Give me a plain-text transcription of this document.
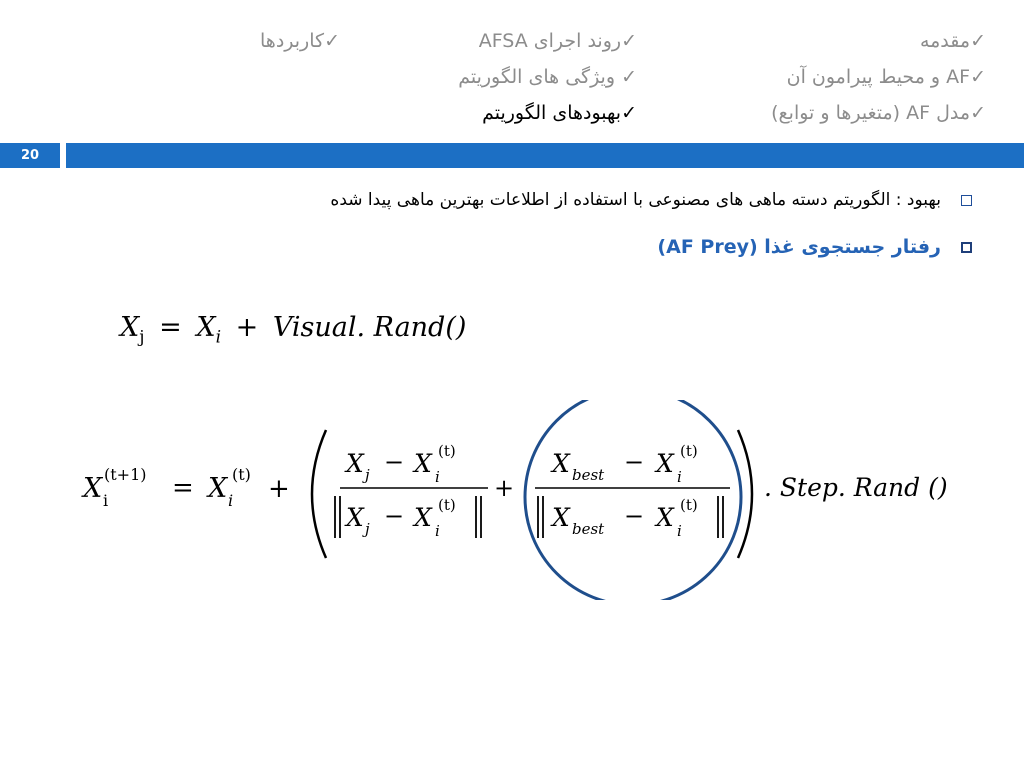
✓مقدمه
✓AF و محیط پیرامون آن
✓مدل AF (متغیرها و توابع)
✓روند اجرای AFSA
✓ ویژگی های الگوریتم
✓بهبودهای الگوریتم
✓کاربردها
20
بهبود : الگوریتم دسته ماهی های مصنوعی با استفاده از اطلاعات بهترین ماهی پیدا شده
رفتار جستجوی غذا (AF Prey)
$X_j = X_i$ + Visual. Rand()
X i
(t+1) = X i
(t) +
X j − X i
(t)
X j − X i
(t)
+
X best − X i
(t)
X best − X i
(t)
. Step. Rand ()
